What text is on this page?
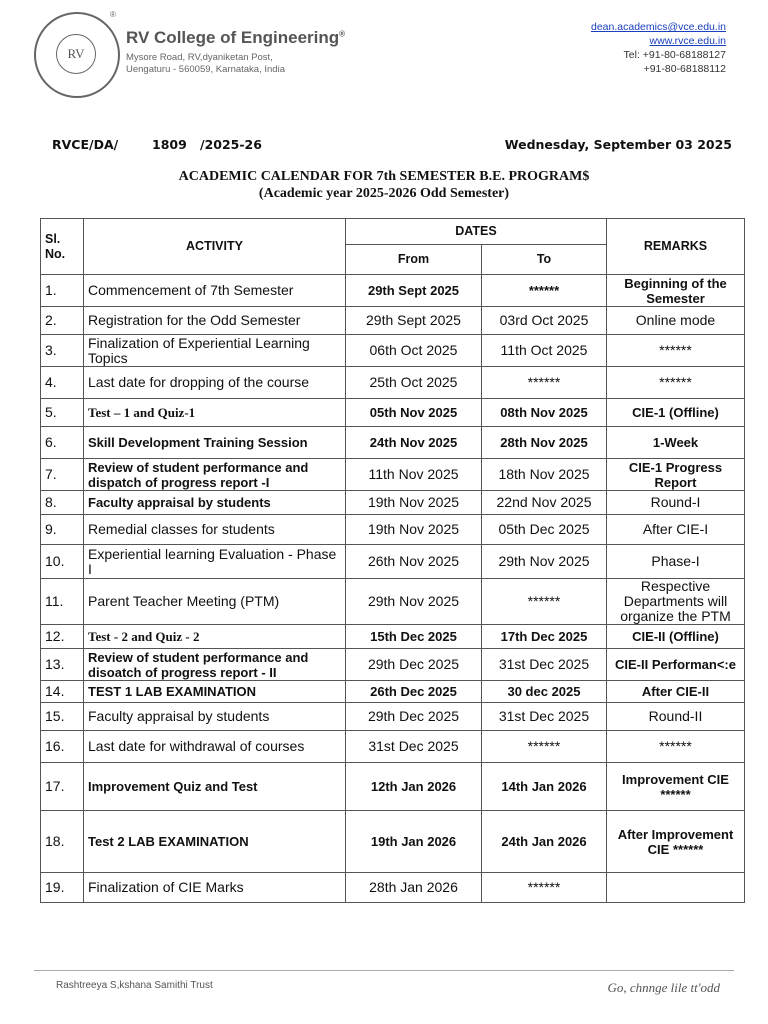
RV
®
RV College of Engineering®
Mysore Road, RV,dyaniketan Post,
Uengaturu - 560059, Karnataka, India
dean.academics@vce.edu.in
www.rvce.edu.in
Tel: +91-80-68188127
+91-80-68188112
RVCE/DA/	1809 /2025-26	Wednesday, September 03 2025
ACADEMIC CALENDAR FOR 7th SEMESTER B.E. PROGRAM$
(Academic year 2025-2026 Odd Semester)
Sl. No.	ACTIVITY	DATES		REMARKS
		From	To	
1.	Commencement of 7th Semester	29th Sept 2025	******	Beginning of the Semester
2.	Registration for the Odd Semester	29th Sept 2025	03rd Oct 2025	Online mode
3.	Finalization of Experiential Learning Topics	06th Oct 2025	11th Oct 2025	******
4.	Last date for dropping of the course	25th Oct 2025	******	******
5.	Test – 1 and Quiz-1	05th Nov 2025	08th Nov 2025	CIE-1 (Offline)
6.	Skill Development Training Session	24th Nov 2025	28th Nov 2025	1-Week
7.	Review of student performance and dispatch of progress report -I	11th Nov 2025	18th Nov 2025	CIE-1 Progress Report
8.	Faculty appraisal by students	19th Nov 2025	22nd Nov 2025	Round-I
9.	Remedial classes for students	19th Nov 2025	05th Dec 2025	After CIE-I
10.	Experiential learning Evaluation - Phase I	26th Nov 2025	29th Nov 2025	Phase-I
11.	Parent Teacher Meeting (PTM)	29th Nov 2025	******	Respective Departments will organize the PTM
12.	Test - 2 and Quiz - 2	15th Dec 2025	17th Dec 2025	CIE-II (Offline)
13.	Review of student performance and disoatch of progress report - II	29th Dec 2025	31st Dec 2025	CIE-II Performan<:e
14.	TEST 1 LAB EXAMINATION	26th Dec 2025	30 dec 2025	After CIE-II
15.	Faculty appraisal by students	29th Dec 2025	31st Dec 2025	Round-II
16.	Last date for withdrawal of courses	31st Dec 2025	******	******
17.	Improvement Quiz and Test	12th Jan 2026	14th Jan 2026	Improvement CIE ******
18.	Test 2 LAB EXAMINATION	19th Jan 2026	24th Jan 2026	After Improvement CIE ******
19.	Finalization of CIE Marks	28th Jan 2026	******	
Rashtreeya S,kshana Samithi Trust	Go, chnnge lile tt'odd
